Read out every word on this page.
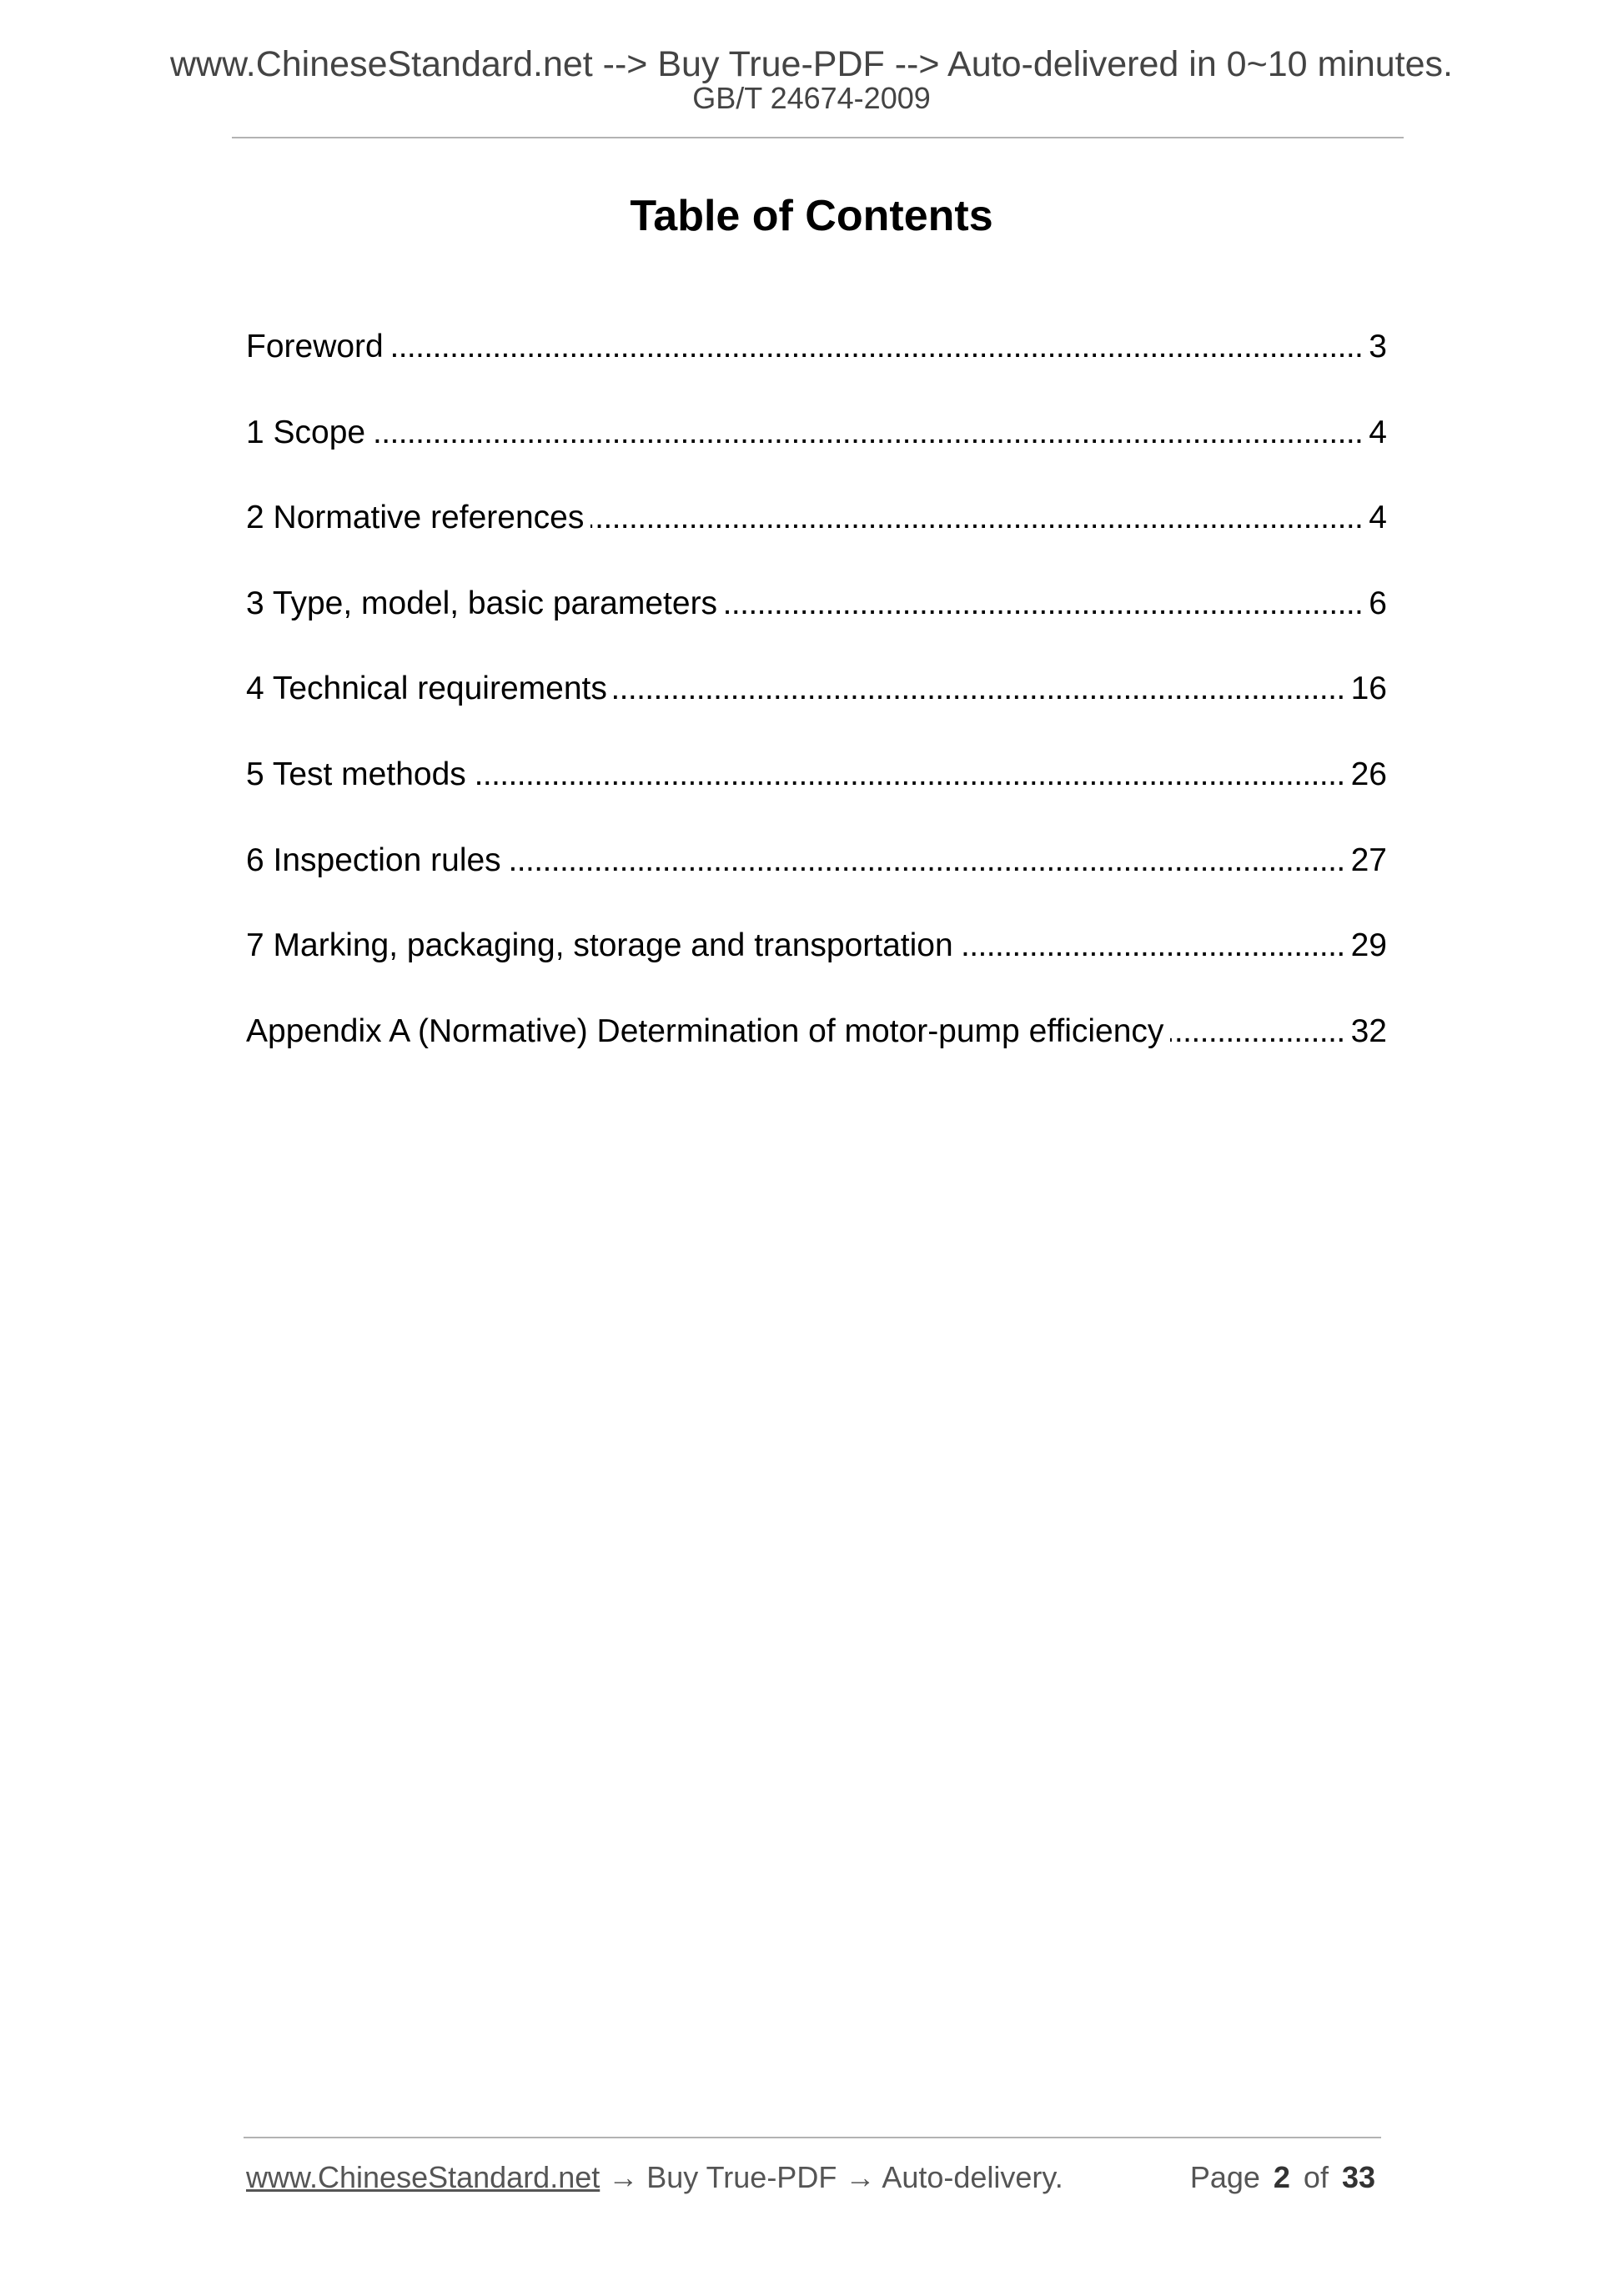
www.ChineseStandard.net --> Buy True-PDF --> Auto-delivered in 0~10 minutes.
GB/T 24674-2009
Table of Contents
Foreword .....	3
1 Scope .....	4
2 Normative references .....	4
3 Type, model, basic parameters .....	6
4 Technical requirements .....	16
5 Test methods .....	26
6 Inspection rules .....	27
7 Marking, packaging, storage and transportation .....	29
Appendix A (Normative) Determination of motor-pump efficiency .....	32
www.ChineseStandard.net → Buy True-PDF → Auto-delivery.	Page 2 of 33
